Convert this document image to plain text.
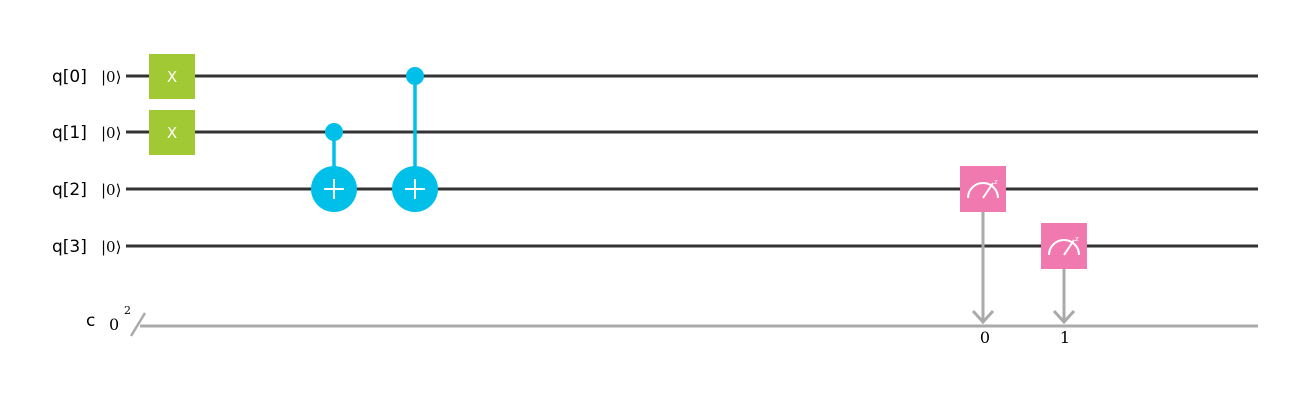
q[0] |0⟩
q[1] |0⟩
q[2] |0⟩
q[3] |0⟩
c 0
2
X
X
z
0
z
1
